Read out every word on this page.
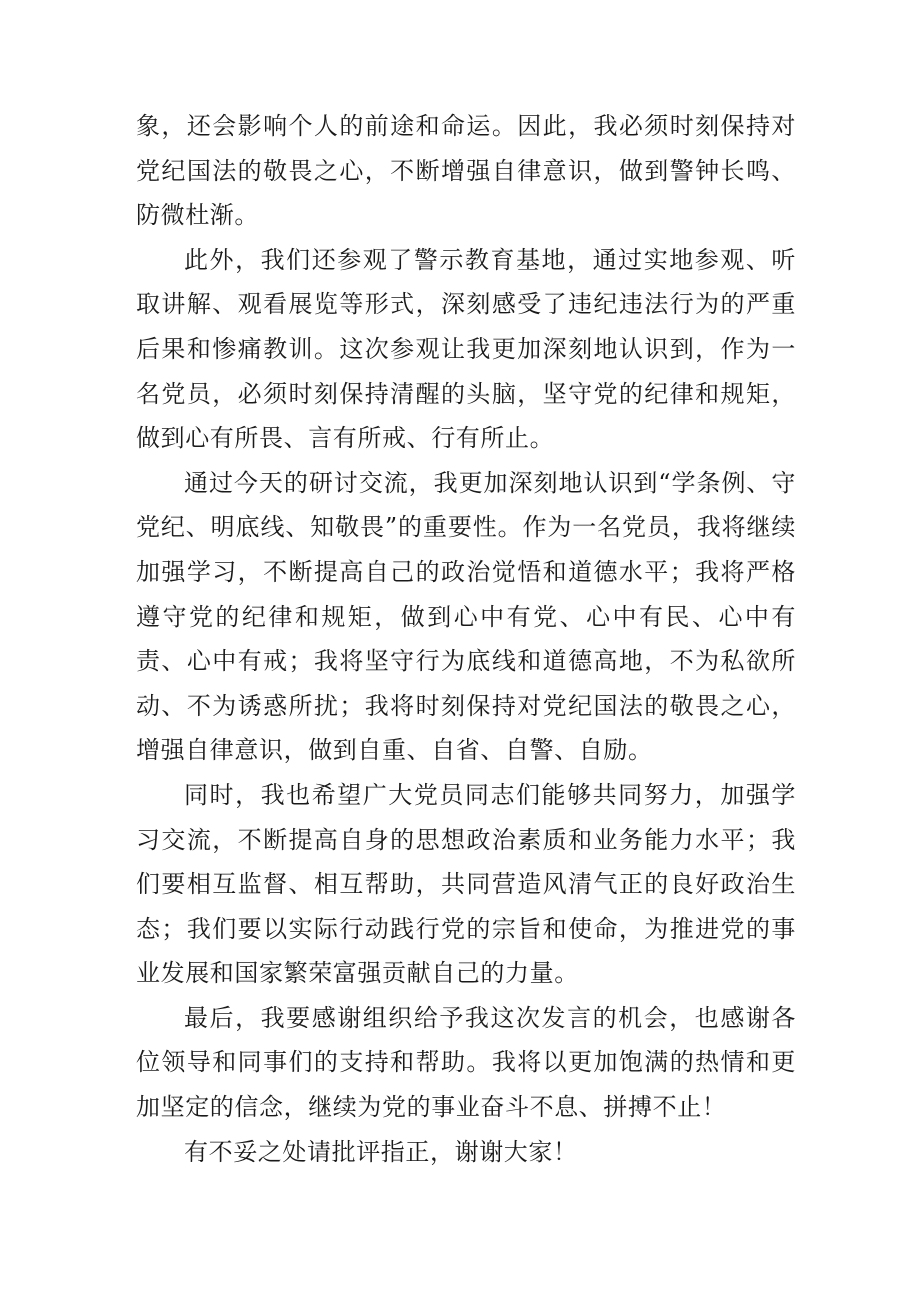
象，还会影响个人的前途和命运。因此，我必须时刻保持对党纪国法的敬畏之心，不断增强自律意识，做到警钟长鸣、防微杜渐。

此外，我们还参观了警示教育基地，通过实地参观、听取讲解、观看展览等形式，深刻感受了违纪违法行为的严重后果和惨痛教训。这次参观让我更加深刻地认识到，作为一名党员，必须时刻保持清醒的头脑，坚守党的纪律和规矩，做到心有所畏、言有所戒、行有所止。

通过今天的研讨交流，我更加深刻地认识到“学条例、守党纪、明底线、知敬畏”的重要性。作为一名党员，我将继续加强学习，不断提高自己的政治觉悟和道德水平；我将严格遵守党的纪律和规矩，做到心中有党、心中有民、心中有责、心中有戒；我将坚守行为底线和道德高地，不为私欲所动、不为诱惑所扰；我将时刻保持对党纪国法的敬畏之心，增强自律意识，做到自重、自省、自警、自励。

同时，我也希望广大党员同志们能够共同努力，加强学习交流，不断提高自身的思想政治素质和业务能力水平；我们要相互监督、相互帮助，共同营造风清气正的良好政治生态；我们要以实际行动践行党的宗旨和使命，为推进党的事业发展和国家繁荣富强贡献自己的力量。

最后，我要感谢组织给予我这次发言的机会，也感谢各位领导和同事们的支持和帮助。我将以更加饱满的热情和更加坚定的信念，继续为党的事业奋斗不息、拼搏不止！

有不妥之处请批评指正，谢谢大家！
